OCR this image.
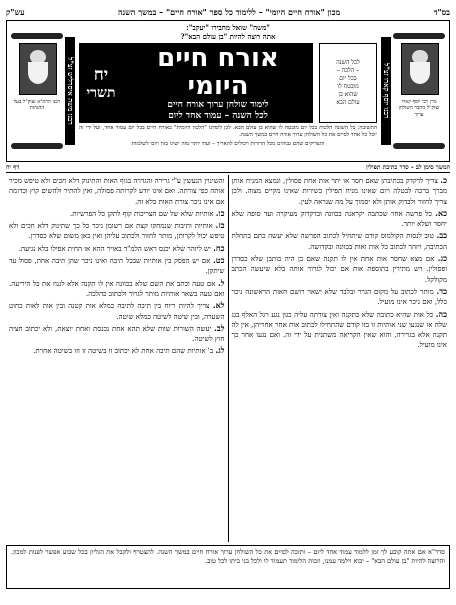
בס"ד
מכון "אורח חיים היומי" – ללימוד כל ספר "אורח חיים" – במשך השנה
עש"ק
מרן רבי יוסף קארו זצוק"ל מחבר השולחן ערוך
רבנו יוסף קארו זצ"ל
רבנו הרמ"א זצוק"ל בעל ההגהות	רבנו משה איסרליש זצ"ל
"משה" שואל מחבירו "יעקב":
אתה רוצה להיות "בן עולם הבא"?
לכל השנה
– הלכה –
בכל יום
מובטח לו
שהוא בן
עולם הבא
אורח חיים היומי
לימוד שולחן ערוך אורח חיים
לכל השנה – עמוד אחד ליום
יח
תשרי
התשובה: כל השונה הלכות בכל יום מובטח לו שהוא בן עולם הבא. לכן לימדנו "הלכה היומית" באורח חיים בכל יום עמוד אחד, ועל ידי זה יוכל כל אחד לסיים את כל השולחן ערוך אורח חיים במשך השנה.
והצדיקים שהם גבוהים מכל הדורות ויכולים להאריך – ועוד יותר מזה ישיגו בזה ויזכו לשלמות
המשך סימן לב – סדר כתיבת תפילין
דף יח

כ. צריך לדקדק בכתיבתן שאם חסר או יתר אות אחת פסולין, ונמצא המניח אותן מברך ברכה לבטלה ויום שאינו מניח תפילין כשירות שאינו מקיים מצוה. ולכן צריך לחזור ולבדוק אותן ולא יסמוך על מה שנראה לעין.

כא. כל פרשה אחר שכתבה יקראנה בכוונה ובדקדוק מעיקרה ועד סופה שלא יחסר ושלא יותר.

כב. טוב לנסות הקולמוס קודם שיתחיל לכתוב הפרשה שלא יעשה כתם בתחלת הכתיבה, ויזהר לכתוב כל אות ואות בכוונה ובקדושה.

כג. אם מצא שחסר אות אחת אין לו תקנה שאם כן היה כותבן שלא כסדרן ופסולין. ויש מתירין בתוספת אות אם יכול לגרור אותה בלא שיעשה הכתב מקולקל.

כד. מותר לכתוב על מקום הגרר ובלבד שלא ישאר רושם האות הראשונה ניכר כלל, ואם ניכר אינו מועיל.

כה. כל אות שהיא כתובה שלא כתקנה ואין צורתה עליה כגון נגע רגל האלף בגג שלה או שנגעו שני אותיות זו בזו קודם שהתחילו לכתוב אות אחר אחריהן, אין לה תקנה אלא בגרירה, והוא שאין הקריאה משתנית על ידי זה. ואם נגעו אחר כך אינו מועיל.

והשינוין הנעשין ע"י גרירה והגדרה בגוף האות והתינוק דלא חכים ולא טיפש מכיר אותה כפי צורתה. ואם אינו יודע לקרותה פסולה, ואין להתיר ולהשים קוץ וכדומה אם אינו ניכר צורת האות בלא זה.

כו. אותיות שלא של שם הצריכות קוף לתקן כל הפרשיות.

כז. אותיות ותיבות שנמחקו קצת אם רשומן ניכר כל כך שתינוק דלא חכים ולא טיפש יכול לקרותן, מותר לחזור ולכתוב עליהן ואין כאן משום שלא כסדרן.

כח. יש ליזהר שלא יכנס ראש הלמ"ד באויר ההא או החית אפילו בלא נגיעה.

כט. אם יש הפסק בין אותיות שבכל תיבה ואינו ניכר שהן תיבה אחת, פסול עד שיתקן.

ל. אם טעה וכתב את השם שלא בכוונה אין לו תקנה אלא לגנוז את כל היריעה. ואם טעה בשאר אותיות מותר לגרור ולכתוב כהלכה.

לא. צריך להיות ריוח בין תיבה לתיבה כמלא אות קטנה ובין אות לאות כחוט השערה, ובין שיטה לשיטה כמלא שיטה.

לב. יעשה השורות שוות שלא תהא אחת נכנסת ואחת יוצאת, ולא יכתוב חציה חוץ לשיטה.

לג. ב' אותיות שהם תיבה אחת לא יכתוב זו בשיטה זו וזו בשיטה אחרת.

סדר"א אם אתה קובע לך זמן ללמוד עמוד אחד ליום – ותזכה לסיים את כל השולחן ערוך אורח חיים במשך השנה. להצטרף ולקבל את הגליון בכל שבוע אפשר לפנות למכון. והרוצה להיות "בן עולם הבא" – יבוא וילמד עמנו, וזכות הלימוד תעמוד לו ולכל בני ביתו לכל טוב.
